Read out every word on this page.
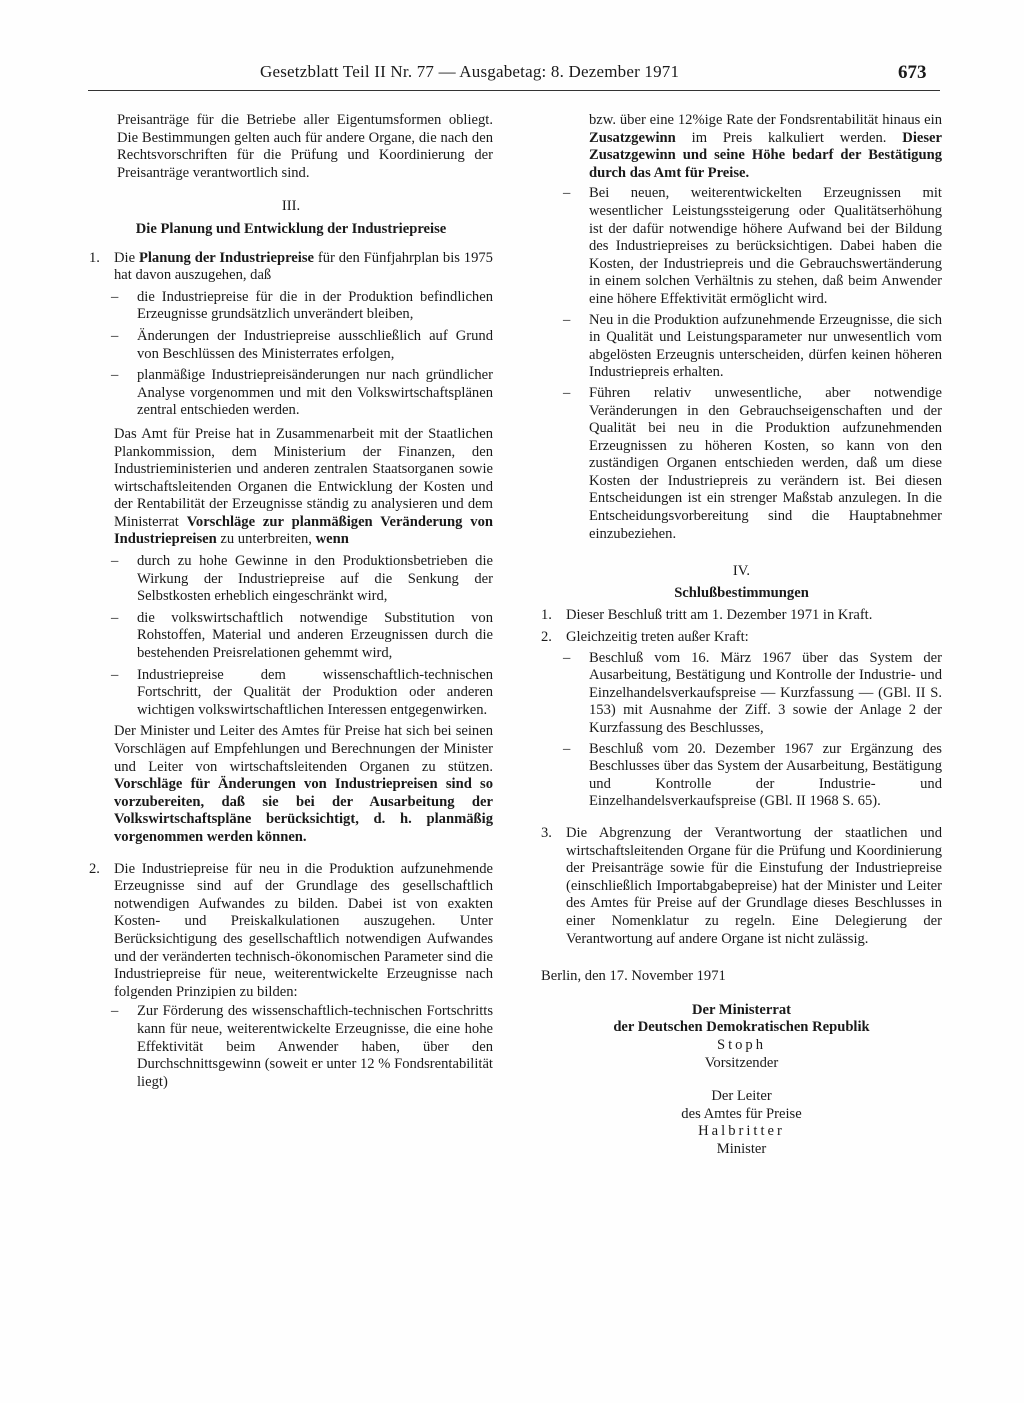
Gesetzblatt Teil II Nr. 77 — Ausgabetag: 8. Dezember 1971	673

Preisanträge für die Betriebe aller Eigentumsformen obliegt. Die Bestimmungen gelten auch für andere Organe, die nach den Rechtsvorschriften für die Prüfung und Koordinierung der Preisanträge verantwortlich sind.

III.

Die Planung und Entwicklung der Industriepreise

1. Die Planung der Industriepreise für den Fünfjahrplan bis 1975 hat davon auszugehen, daß
–	die Industriepreise für die in der Produktion befindlichen Erzeugnisse grundsätzlich unverändert bleiben,
–	Änderungen der Industriepreise ausschließlich auf Grund von Beschlüssen des Ministerrates erfolgen,
–	planmäßige Industriepreisänderungen nur nach gründlicher Analyse vorgenommen und mit den Volkswirtschaftsplänen zentral entschieden werden.

Das Amt für Preise hat in Zusammenarbeit mit der Staatlichen Plankommission, dem Ministerium der Finanzen, den Industrieministerien und anderen zentralen Staatsorganen sowie wirtschaftsleitenden Organen die Entwicklung der Kosten und der Rentabilität der Erzeugnisse ständig zu analysieren und dem Ministerrat Vorschläge zur planmäßigen Veränderung von Industriepreisen zu unterbreiten, wenn

–	durch zu hohe Gewinne in den Produktionsbetrieben die Wirkung der Industriepreise auf die Senkung der Selbstkosten erheblich eingeschränkt wird,
–	die volkswirtschaftlich notwendige Substitution von Rohstoffen, Material und anderen Erzeugnissen durch die bestehenden Preisrelationen gehemmt wird,
–	Industriepreise dem wissenschaftlich-technischen Fortschritt, der Qualität der Produktion oder anderen wichtigen volkswirtschaftlichen Interessen entgegenwirken.

Der Minister und Leiter des Amtes für Preise hat sich bei seinen Vorschlägen auf Empfehlungen und Berechnungen der Minister und Leiter von wirtschaftsleitenden Organen zu stützen. Vorschläge für Änderungen von Industriepreisen sind so vorzubereiten, daß sie bei der Ausarbeitung der Volkswirtschaftspläne berücksichtigt, d. h. planmäßig vorgenommen werden können.

2. Die Industriepreise für neu in die Produktion aufzunehmende Erzeugnisse sind auf der Grundlage des gesellschaftlich notwendigen Aufwandes zu bilden. Dabei ist von exakten Kosten- und Preiskalkulationen auszugehen. Unter Berücksichtigung des gesellschaftlich notwendigen Aufwandes und der veränderten technisch-ökonomischen Parameter sind die Industriepreise für neue, weiterentwickelte Erzeugnisse nach folgenden Prinzipien zu bilden:
–	Zur Förderung des wissenschaftlich-technischen Fortschritts kann für neue, weiterentwickelte Erzeugnisse, die eine hohe Effektivität beim Anwender haben, über den Durchschnittsgewinn (soweit er unter 12 % Fondsrentabilität liegt)

bzw. über eine 12%ige Rate der Fondsrentabilität hinaus ein Zusatzgewinn im Preis kalkuliert werden. Dieser Zusatzgewinn und seine Höhe bedarf der Bestätigung durch das Amt für Preise.

–	Bei neuen, weiterentwickelten Erzeugnissen mit wesentlicher Leistungssteigerung oder Qualitätserhöhung ist der dafür notwendige höhere Aufwand bei der Bildung des Industriepreises zu berücksichtigen. Dabei haben die Kosten, der Industriepreis und die Gebrauchswertänderung in einem solchen Verhältnis zu stehen, daß beim Anwender eine höhere Effektivität ermöglicht wird.
–	Neu in die Produktion aufzunehmende Erzeugnisse, die sich in Qualität und Leistungsparameter nur unwesentlich vom abgelösten Erzeugnis unterscheiden, dürfen keinen höheren Industriepreis erhalten.
–	Führen relativ unwesentliche, aber notwendige Veränderungen in den Gebrauchseigenschaften und der Qualität bei neu in die Produktion aufzunehmenden Erzeugnissen zu höheren Kosten, so kann von den zuständigen Organen entschieden werden, daß um diese Kosten der Industriepreis zu verändern ist. Bei diesen Entscheidungen ist ein strenger Maßstab anzulegen. In die Entscheidungsvorbereitung sind die Hauptabnehmer einzubeziehen.

IV.

Schlußbestimmungen

1. Dieser Beschluß tritt am 1. Dezember 1971 in Kraft.
2. Gleichzeitig treten außer Kraft:
–	Beschluß vom 16. März 1967 über das System der Ausarbeitung, Bestätigung und Kontrolle der Industrie- und Einzelhandelsverkaufspreise — Kurzfassung — (GBl. II S. 153) mit Ausnahme der Ziff. 3 sowie der Anlage 2 der Kurzfassung des Beschlusses,
–	Beschluß vom 20. Dezember 1967 zur Ergänzung des Beschlusses über das System der Ausarbeitung, Bestätigung und Kontrolle der Industrie- und Einzelhandelsverkaufspreise (GBl. II 1968 S. 65).
3. Die Abgrenzung der Verantwortung der staatlichen und wirtschaftsleitenden Organe für die Prüfung und Koordinierung der Preisanträge sowie für die Einstufung der Industriepreise (einschließlich Importabgabepreise) hat der Minister und Leiter des Amtes für Preise auf der Grundlage dieses Beschlusses in einer Nomenklatur zu regeln. Eine Delegierung der Verantwortung auf andere Organe ist nicht zulässig.

Berlin, den 17. November 1971

Der Ministerrat

der Deutschen Demokratischen Republik

Stoph

Vorsitzender

Der Leiter

des Amtes für Preise

Halbritter

Minister
